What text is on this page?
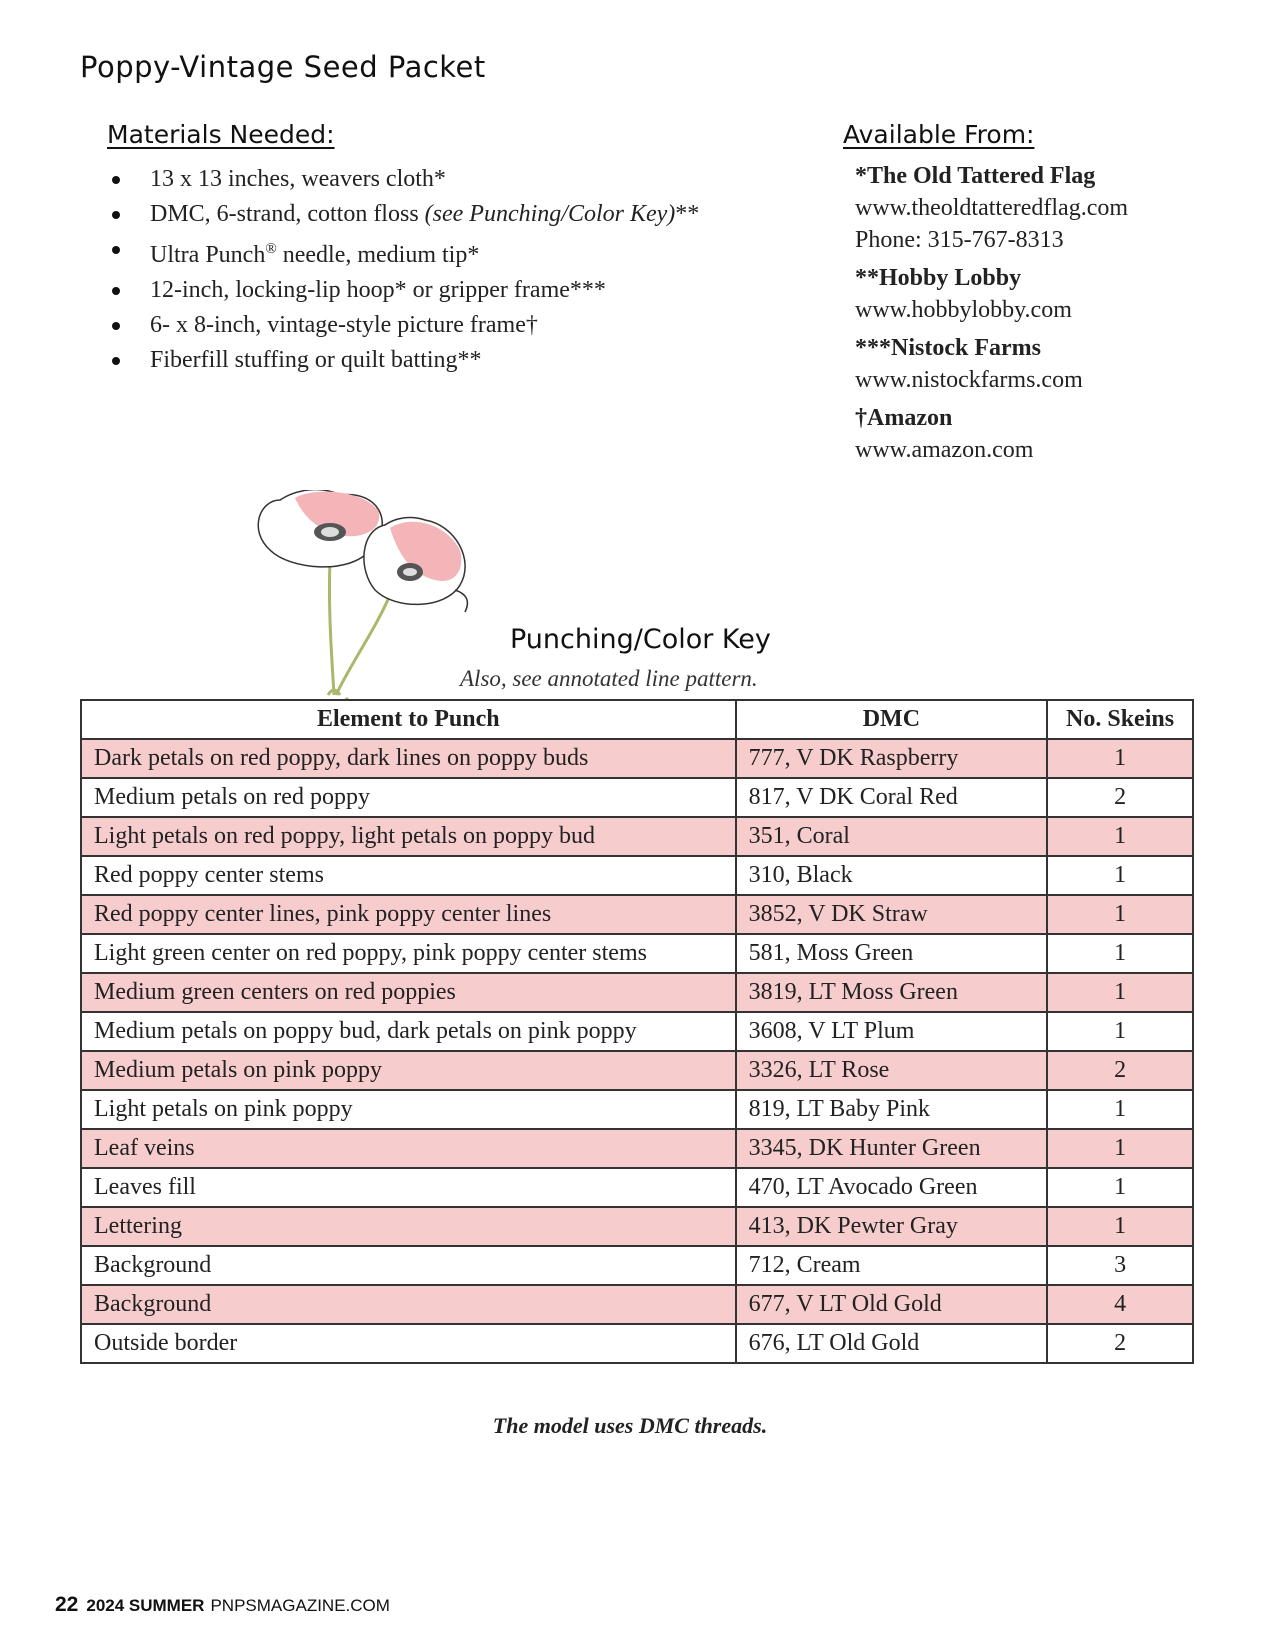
Poppy-Vintage Seed Packet
Materials Needed:
13 x 13 inches, weavers cloth*
DMC, 6-strand, cotton floss (see Punching/Color Key)**
Ultra Punch® needle, medium tip*
12-inch, locking-lip hoop* or gripper frame***
6- x 8-inch, vintage-style picture frame†
Fiberfill stuffing or quilt batting**
Available From:
*The Old Tattered Flag
www.theoldtatteredflag.com
Phone: 315-767-8313
**Hobby Lobby
www.hobbylobby.com
***Nistock Farms
www.nistockfarms.com
†Amazon
www.amazon.com
Punching/Color Key
Also, see annotated line pattern.
Element to Punch	DMC	No. Skeins
Dark petals on red poppy, dark lines on poppy buds	777, V DK Raspberry	1
Medium petals on red poppy	817, V DK Coral Red	2
Light petals on red poppy, light petals on poppy bud	351, Coral	1
Red poppy center stems	310, Black	1
Red poppy center lines, pink poppy center lines	3852, V DK Straw	1
Light green center on red poppy, pink poppy center stems	581, Moss Green	1
Medium green centers on red poppies	3819, LT Moss Green	1
Medium petals on poppy bud, dark petals on pink poppy	3608, V LT Plum	1
Medium petals on pink poppy	3326, LT Rose	2
Light petals on pink poppy	819, LT Baby Pink	1
Leaf veins	3345, DK Hunter Green	1
Leaves fill	470, LT Avocado Green	1
Lettering	413, DK Pewter Gray	1
Background	712, Cream	3
Background	677, V LT Old Gold	4
Outside border	676, LT Old Gold	2
The model uses DMC threads.
22 2024 SUMMER PNPSMAGAZINE.COM
